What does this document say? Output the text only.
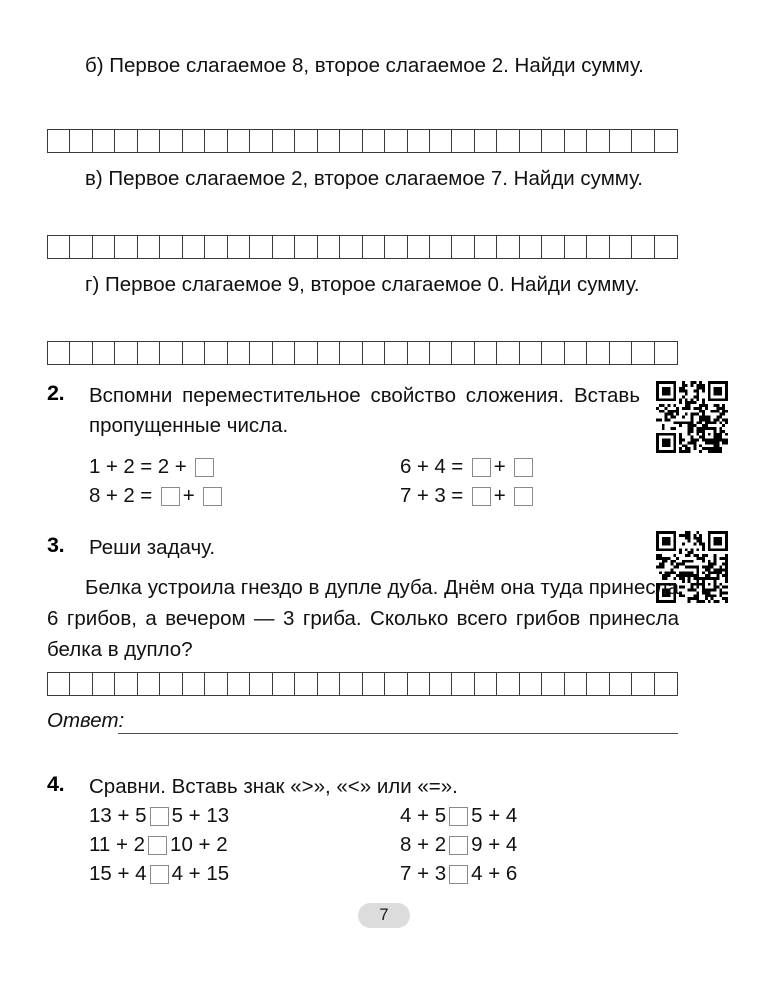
б) Первое слагаемое 8, второе слагаемое 2. Найди сумму.
в) Первое слагаемое 2, второе слагаемое 7. Найди сумму.
г) Первое слагаемое 9, второе слагаемое 0. Найди сумму.
2. Вспомни переместительное свойство сложения. Вставь пропущенные числа.
1 + 2 = 2 +
8 + 2 = +
6 + 4 = +
7 + 3 = +
3. Реши задачу.
Белка устроила гнездо в дупле дуба. Днём она туда принесла 6 грибов, а вечером — 3 гриба. Сколько всего грибов принесла белка в дупло?
Ответ:
4. Сравни. Вставь знак «>», «<» или «=».
13 + 5 5 + 13
11 + 2 10 + 2
15 + 4 4 + 15
4 + 5 5 + 4
8 + 2 9 + 4
7 + 3 4 + 6
7
